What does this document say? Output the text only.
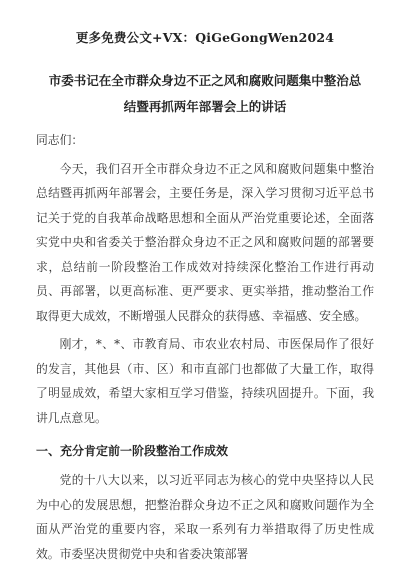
更多免费公文+VX：QiGeGongWen2024
市委书记在全市群众身边不正之风和腐败问题集中整治总
结暨再抓两年部署会上的讲话
同志们：

今天，我们召开全市群众身边不正之风和腐败问题集中整治总结暨再抓两年部署会，主要任务是，深入学习贯彻习近平总书记关于党的自我革命战略思想和全面从严治党重要论述，全面落实党中央和省委关于整治群众身边不正之风和腐败问题的部署要求，总结前一阶段整治工作成效对持续深化整治工作进行再动员、再部署，以更高标准、更严要求、更实举措，推动整治工作取得更大成效，不断增强人民群众的获得感、幸福感、安全感。

刚才，*、*、市教育局、市农业农村局、市医保局作了很好的发言，其他县（市、区）和市直部门也都做了大量工作，取得了明显成效，希望大家相互学习借鉴，持续巩固提升。下面，我讲几点意见。

一、充分肯定前一阶段整治工作成效

党的十八大以来，以习近平同志为核心的党中央坚持以人民为中心的发展思想，把整治群众身边不正之风和腐败问题作为全面从严治党的重要内容，采取一系列有力举措取得了历史性成效。市委坚决贯彻党中央和省委决策部署
